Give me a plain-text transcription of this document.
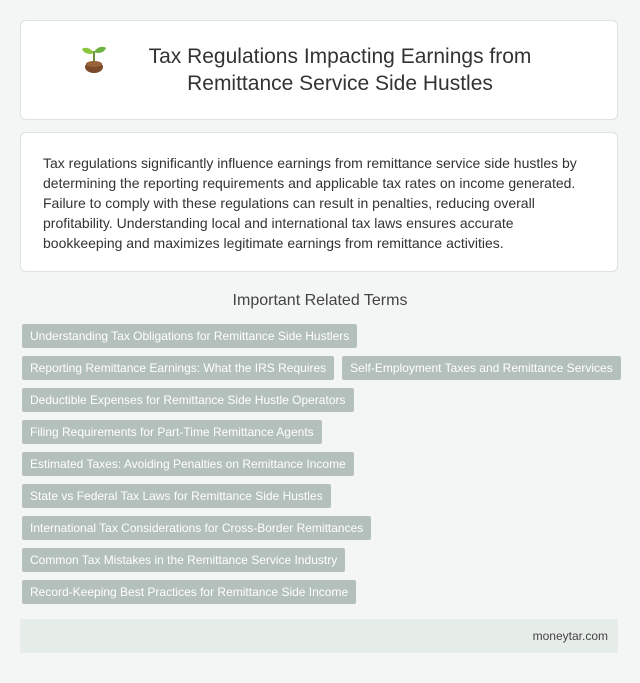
Tax Regulations Impacting Earnings from Remittance Service Side Hustles

Tax regulations significantly influence earnings from remittance service side hustles by determining the reporting requirements and applicable tax rates on income generated. Failure to comply with these regulations can result in penalties, reducing overall profitability. Understanding local and international tax laws ensures accurate bookkeeping and maximizes legitimate earnings from remittance activities.

Important Related Terms
Understanding Tax Obligations for Remittance Side Hustlers
Reporting Remittance Earnings: What the IRS Requires	Self-Employment Taxes and Remittance Services
Deductible Expenses for Remittance Side Hustle Operators
Filing Requirements for Part-Time Remittance Agents
Estimated Taxes: Avoiding Penalties on Remittance Income
State vs Federal Tax Laws for Remittance Side Hustles
International Tax Considerations for Cross-Border Remittances
Common Tax Mistakes in the Remittance Service Industry
Record-Keeping Best Practices for Remittance Side Income
moneytar.com
